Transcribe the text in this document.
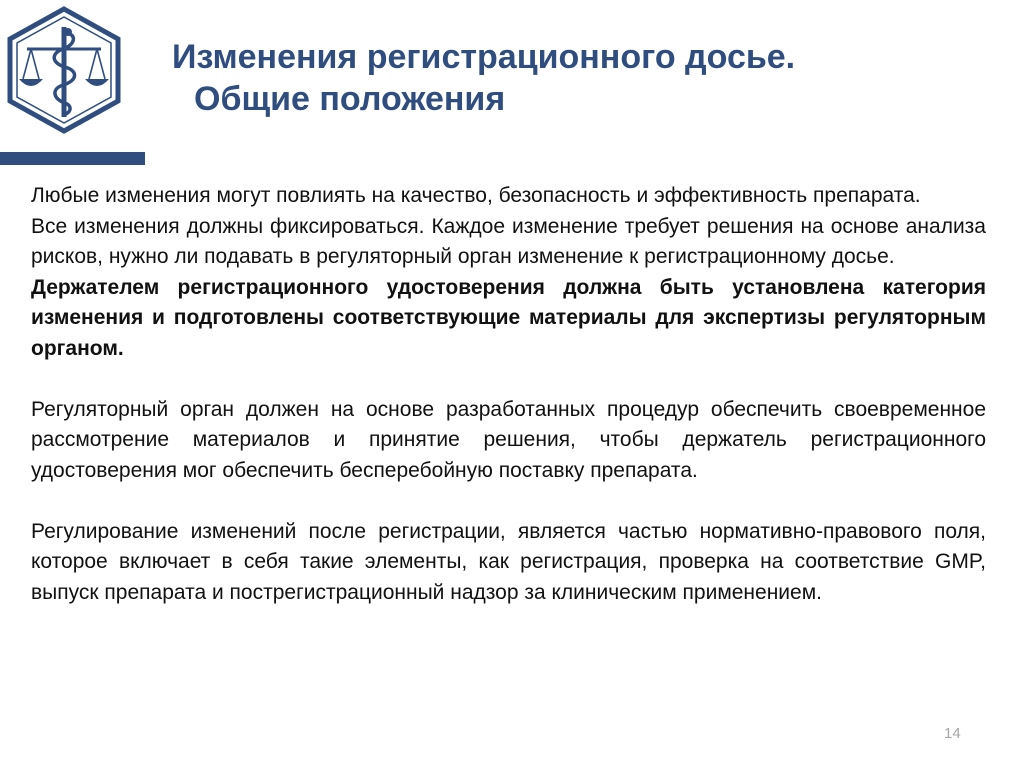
Изменения регистрационного досье.
Общие положения

Любые изменения могут повлиять на качество, безопасность и эффективность препарата.

Все изменения должны фиксироваться. Каждое изменение требует решения на основе анализа рисков, нужно ли подавать в регуляторный орган изменение к регистрационному досье.

Держателем регистрационного удостоверения должна быть установлена категория изменения и подготовлены соответствующие материалы для экспертизы регуляторным органом.

Регуляторный орган должен на основе разработанных процедур обеспечить своевременное рассмотрение материалов и принятие решения, чтобы держатель регистрационного удостоверения мог обеспечить бесперебойную поставку препарата.

Регулирование изменений после регистрации, является частью нормативно-правового поля, которое включает в себя такие элементы, как регистрация, проверка на соответствие GMP, выпуск препарата и пострегистрационный надзор за клиническим применением.

14
